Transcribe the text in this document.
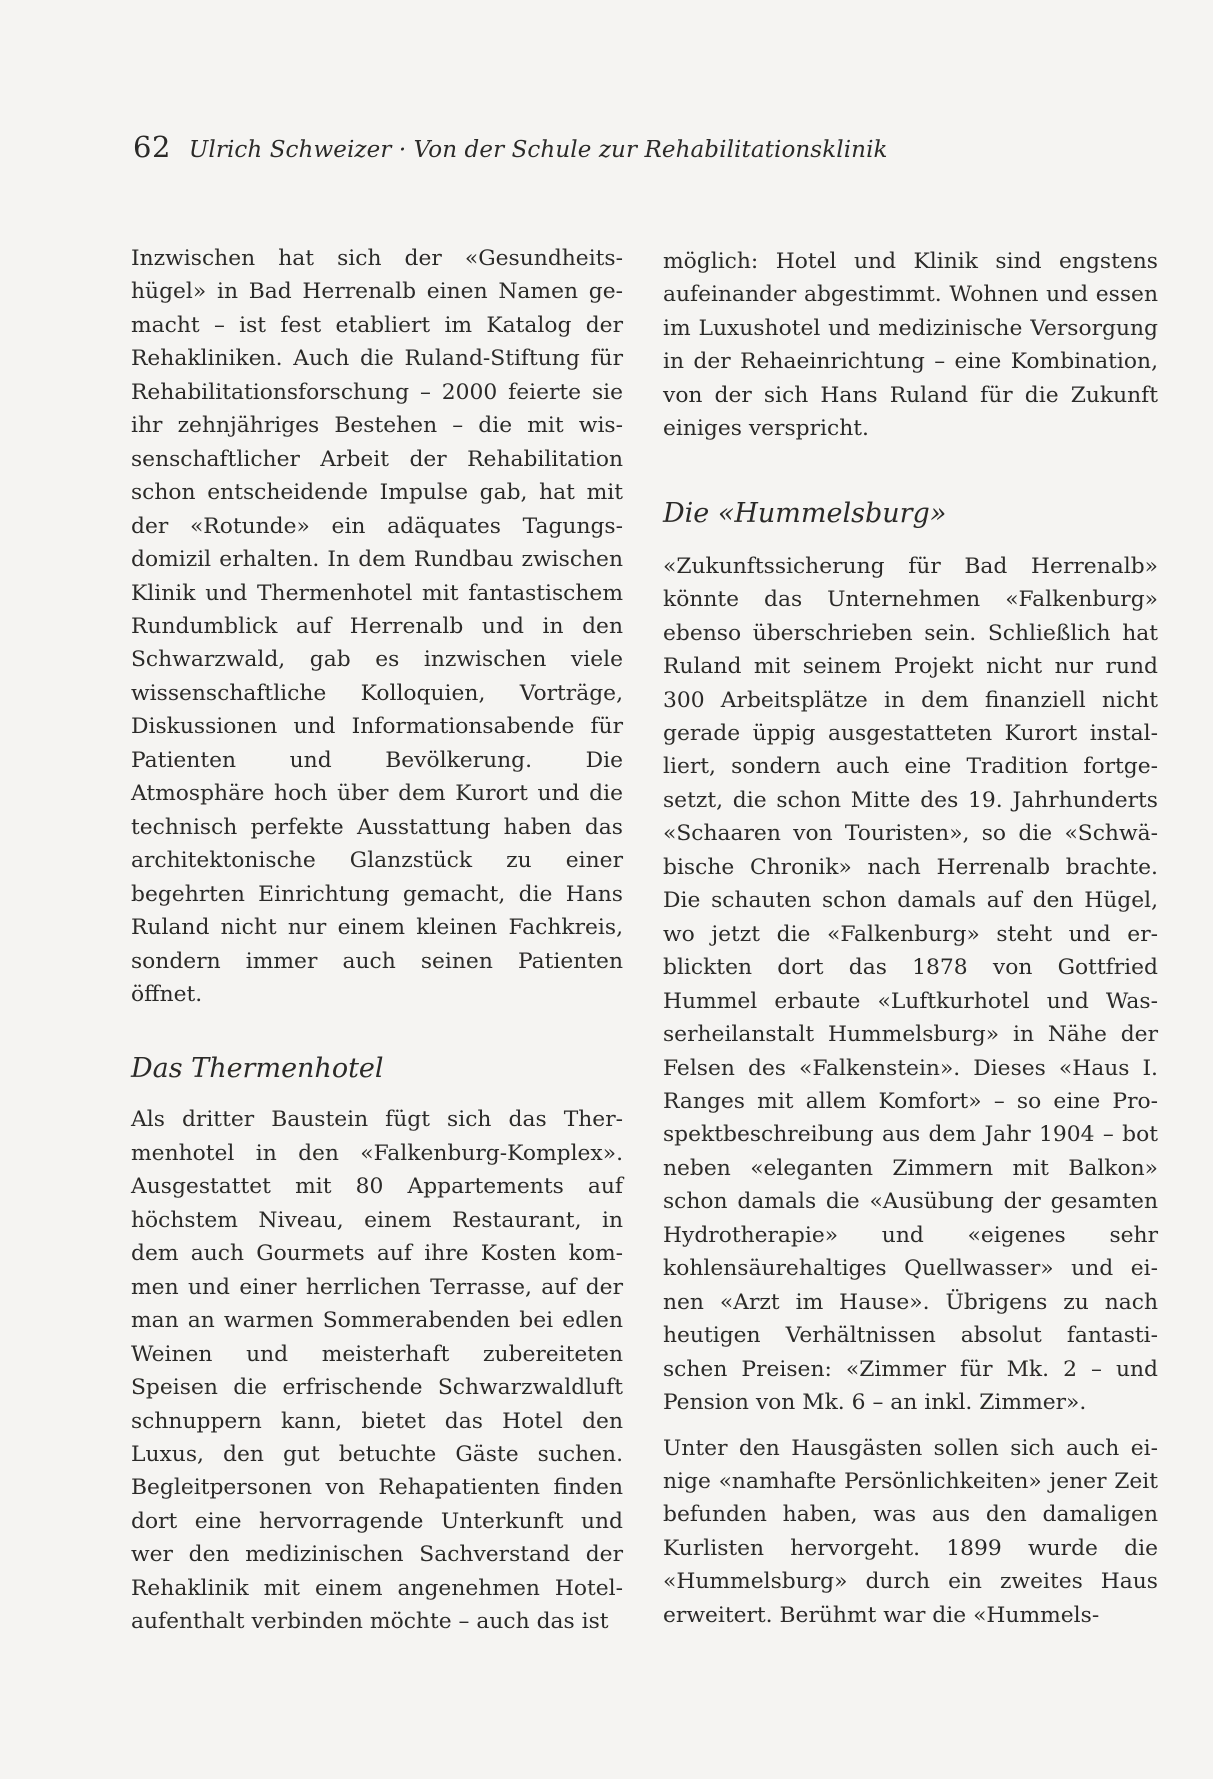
62 Ulrich Schweizer · Von der Schule zur Rehabilitationsklinik

Inzwischen hat sich der «Gesundheitshügel» in Bad Herrenalb einen Namen gemacht – ist fest etabliert im Katalog der Rehakliniken. Auch die Ruland-Stiftung für Rehabilitationsforschung – 2000 feierte sie ihr zehnjähriges Bestehen – die mit wissenschaftlicher Arbeit der Rehabilitation schon entscheidende Impulse gab, hat mit der «Rotunde» ein adäquates Tagungsdomizil erhalten. In dem Rundbau zwischen Klinik und Thermenhotel mit fantastischem Rundumblick auf Herrenalb und in den Schwarzwald, gab es inzwischen viele wissenschaftliche Kolloquien, Vorträge, Diskussionen und Informationsabende für Patienten und Bevölkerung. Die Atmosphäre hoch über dem Kurort und die technisch perfekte Ausstattung haben das architektonische Glanzstück zu einer begehrten Einrichtung gemacht, die Hans Ruland nicht nur einem kleinen Fachkreis, sondern immer auch seinen Patienten öffnet.

Das Thermenhotel

Als dritter Baustein fügt sich das Thermenhotel in den «Falkenburg-Komplex». Ausgestattet mit 80 Appartements auf höchstem Niveau, einem Restaurant, in dem auch Gourmets auf ihre Kosten kommen und einer herrlichen Terrasse, auf der man an warmen Sommerabenden bei edlen Weinen und meisterhaft zubereiteten Speisen die erfrischende Schwarzwaldluft schnuppern kann, bietet das Hotel den Luxus, den gut betuchte Gäste suchen. Begleitpersonen von Rehapatienten finden dort eine hervorragende Unterkunft und wer den medizinischen Sachverstand der Rehaklinik mit einem angenehmen Hotelaufenthalt verbinden möchte – auch das ist

möglich: Hotel und Klinik sind engstens aufeinander abgestimmt. Wohnen und essen im Luxushotel und medizinische Versorgung in der Rehaeinrichtung – eine Kombination, von der sich Hans Ruland für die Zukunft einiges verspricht.

Die «Hummelsburg»

«Zukunftssicherung für Bad Herrenalb» könnte das Unternehmen «Falkenburg» ebenso überschrieben sein. Schließlich hat Ruland mit seinem Projekt nicht nur rund 300 Arbeitsplätze in dem finanziell nicht gerade üppig ausgestatteten Kurort installiert, sondern auch eine Tradition fortgesetzt, die schon Mitte des 19. Jahrhunderts «Schaaren von Touristen», so die «Schwäbische Chronik» nach Herrenalb brachte. Die schauten schon damals auf den Hügel, wo jetzt die «Falkenburg» steht und erblickten dort das 1878 von Gottfried Hummel erbaute «Luftkurhotel und Wasserheilanstalt Hummelsburg» in Nähe der Felsen des «Falkenstein». Dieses «Haus I. Ranges mit allem Komfort» – so eine Prospektbeschreibung aus dem Jahr 1904 – bot neben «eleganten Zimmern mit Balkon» schon damals die «Ausübung der gesamten Hydrotherapie» und «eigenes sehr kohlensäurehaltiges Quellwasser» und einen «Arzt im Hause». Übrigens zu nach heutigen Verhältnissen absolut fantastischen Preisen: «Zimmer für Mk. 2 – und Pension von Mk. 6 – an inkl. Zimmer».

Unter den Hausgästen sollen sich auch einige «namhafte Persönlichkeiten» jener Zeit befunden haben, was aus den damaligen Kurlisten hervorgeht. 1899 wurde die «Hummelsburg» durch ein zweites Haus erweitert. Berühmt war die «Hummels-
